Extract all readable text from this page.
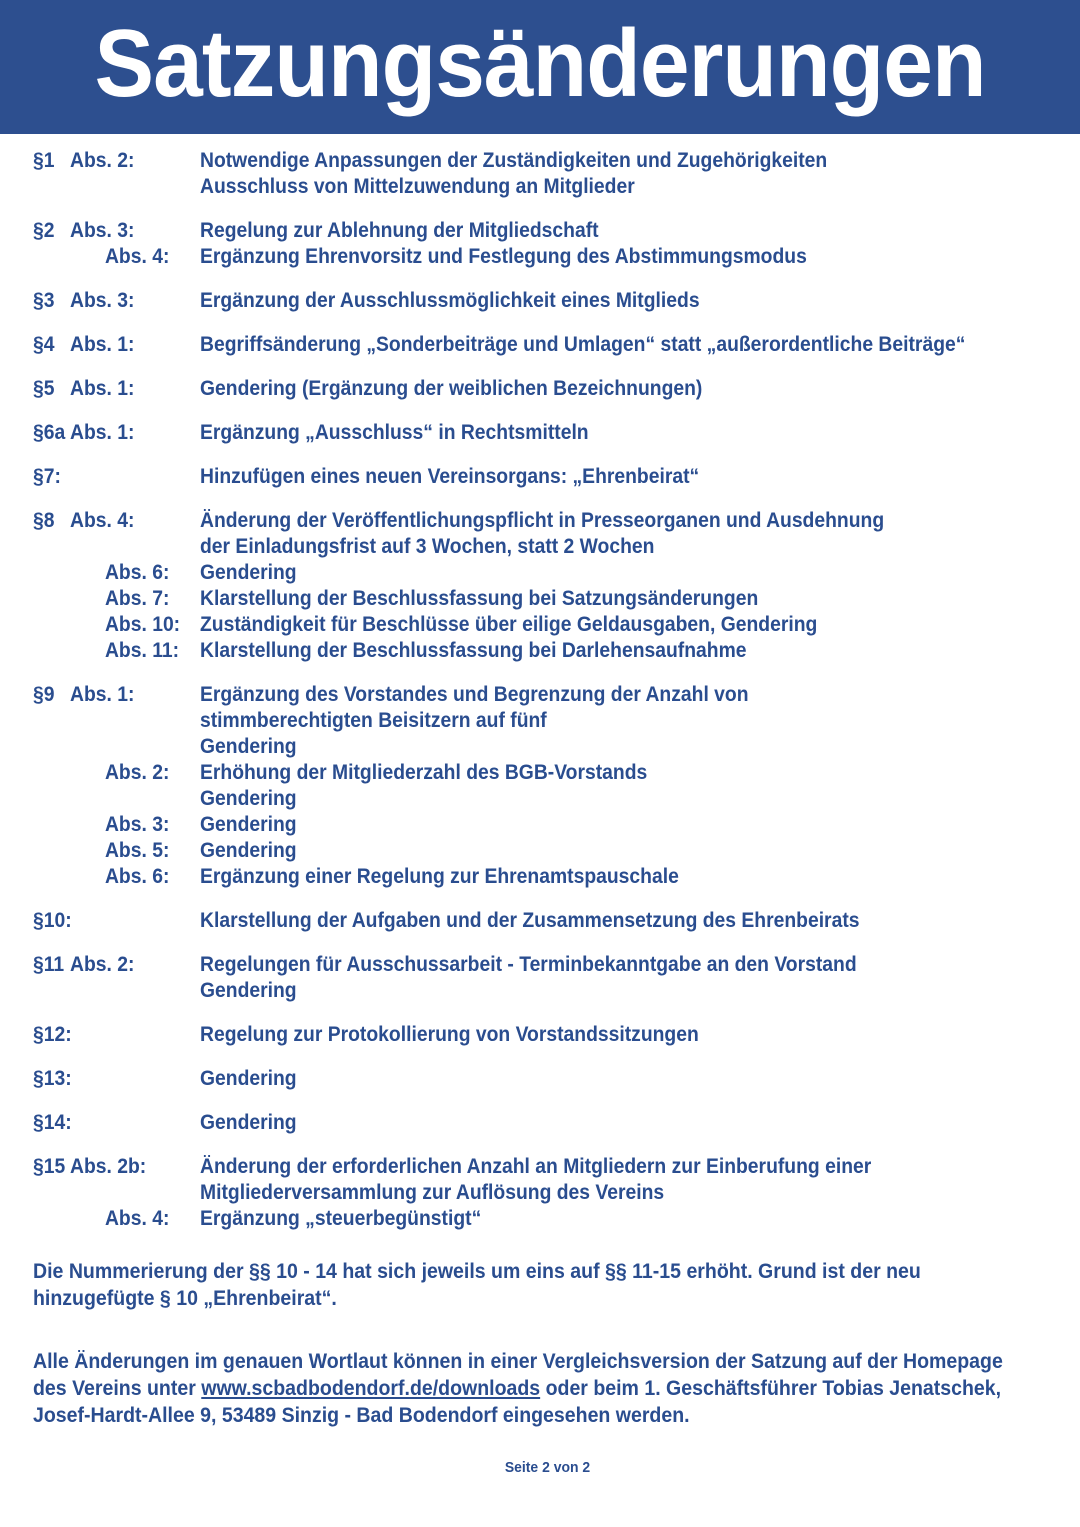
Satzungsänderungen
§1 Abs. 2:	Notwendige Anpassungen der Zuständigkeiten und Zugehörigkeiten
Ausschluss von Mittelzuwendung an Mitglieder
§2 Abs. 3:	Regelung zur Ablehnung der Mitgliedschaft
Abs. 4:	Ergänzung Ehrenvorsitz und Festlegung des Abstimmungsmodus
§3 Abs. 3:	Ergänzung der Ausschlussmöglichkeit eines Mitglieds
§4 Abs. 1:	Begriffsänderung „Sonderbeiträge und Umlagen“ statt „außerordentliche Beiträge“
§5 Abs. 1:	Gendering (Ergänzung der weiblichen Bezeichnungen)
§6a Abs. 1:	Ergänzung „Ausschluss“ in Rechtsmitteln
§7:	Hinzufügen eines neuen Vereinsorgans: „Ehrenbeirat“
§8 Abs. 4:	Änderung der Veröffentlichungspflicht in Presseorganen und Ausdehnung
der Einladungsfrist auf 3 Wochen, statt 2 Wochen
Abs. 6:	Gendering
Abs. 7:	Klarstellung der Beschlussfassung bei Satzungsänderungen
Abs. 10: Zuständigkeit für Beschlüsse über eilige Geldausgaben, Gendering
Abs. 11: Klarstellung der Beschlussfassung bei Darlehensaufnahme
§9 Abs. 1:	Ergänzung des Vorstandes und Begrenzung der Anzahl von
stimmberechtigten Beisitzern auf fünf
Gendering
Abs. 2:	Erhöhung der Mitgliederzahl des BGB-Vorstands
Gendering
Abs. 3:	Gendering
Abs. 5:	Gendering
Abs. 6:	Ergänzung einer Regelung zur Ehrenamtspauschale
§10:	Klarstellung der Aufgaben und der Zusammensetzung des Ehrenbeirats
§11 Abs. 2:	Regelungen für Ausschussarbeit - Terminbekanntgabe an den Vorstand
Gendering
§12:	Regelung zur Protokollierung von Vorstandssitzungen
§13:	Gendering
§14:	Gendering
§15 Abs. 2b:	Änderung der erforderlichen Anzahl an Mitgliedern zur Einberufung einer
Mitgliederversammlung zur Auflösung des Vereins
Abs. 4:	Ergänzung „steuerbegünstigt“
Die Nummerierung der §§ 10 - 14 hat sich jeweils um eins auf §§ 11-15 erhöht. Grund ist der neu hinzugefügte § 10 „Ehrenbeirat“.
Alle Änderungen im genauen Wortlaut können in einer Vergleichsversion der Satzung auf der Homepage des Vereins unter www.scbadbodendorf.de/downloads oder beim 1. Geschäftsführer Tobias Jenatschek, Josef-Hardt-Allee 9, 53489 Sinzig - Bad Bodendorf eingesehen werden.
Seite 2 von 2
